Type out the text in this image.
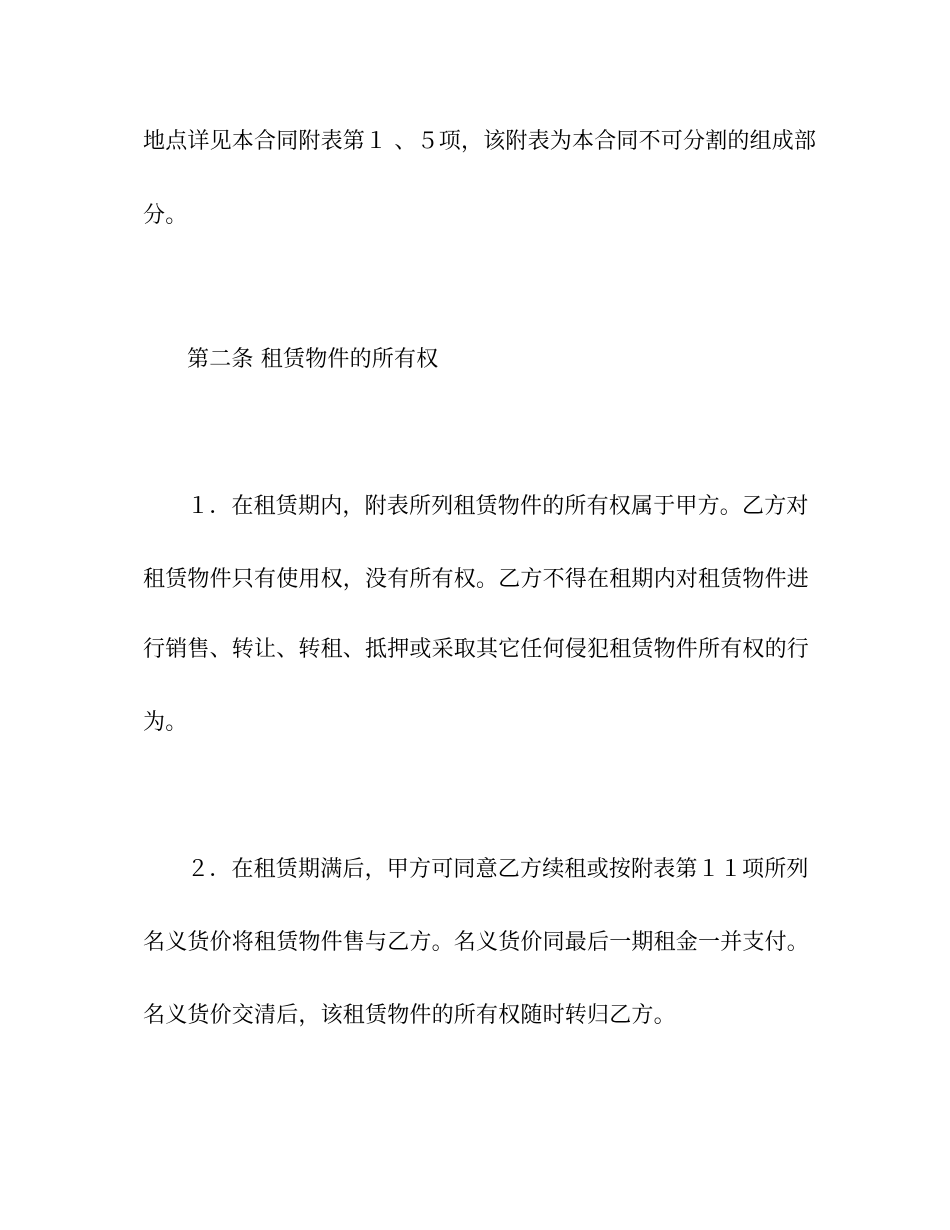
地点详见本合同附表第１ 、５项，该附表为本合同不可分割的组成部
分。
第二条 租赁物件的所有权
１．在租赁期内，附表所列租赁物件的所有权属于甲方。乙方对
租赁物件只有使用权，没有所有权。乙方不得在租期内对租赁物件进
行销售、转让、转租、抵押或采取其它任何侵犯租赁物件所有权的行
为。
２．在租赁期满后，甲方可同意乙方续租或按附表第１１项所列
名义货价将租赁物件售与乙方。名义货价同最后一期租金一并支付。
名义货价交清后，该租赁物件的所有权随时转归乙方。
